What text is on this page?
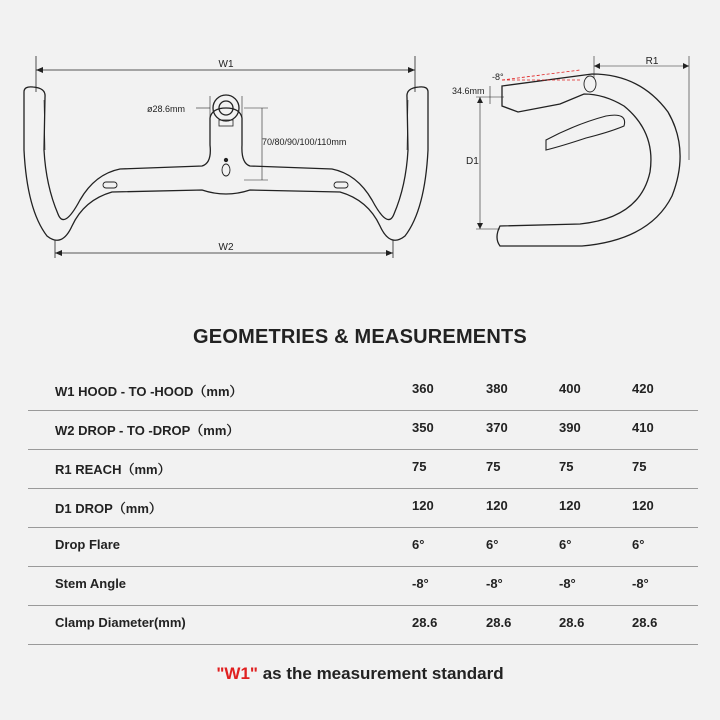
W1
W2
ø28.6mm
70/80/90/100/110mm
R1
-8°
34.6mm
D1
GEOMETRIES & MEASUREMENTS
W1 HOOD - TO -HOOD（mm）	360	380	400	420
W2 DROP - TO -DROP（mm）	350	370	390	410
R1 REACH（mm）	75	75	75	75
D1 DROP（mm）	120	120	120	120
Drop Flare	6°	6°	6°	6°
Stem Angle	-8°	-8°	-8°	-8°
Clamp Diameter(mm)	28.6	28.6	28.6	28.6
"W1" as the measurement standard
